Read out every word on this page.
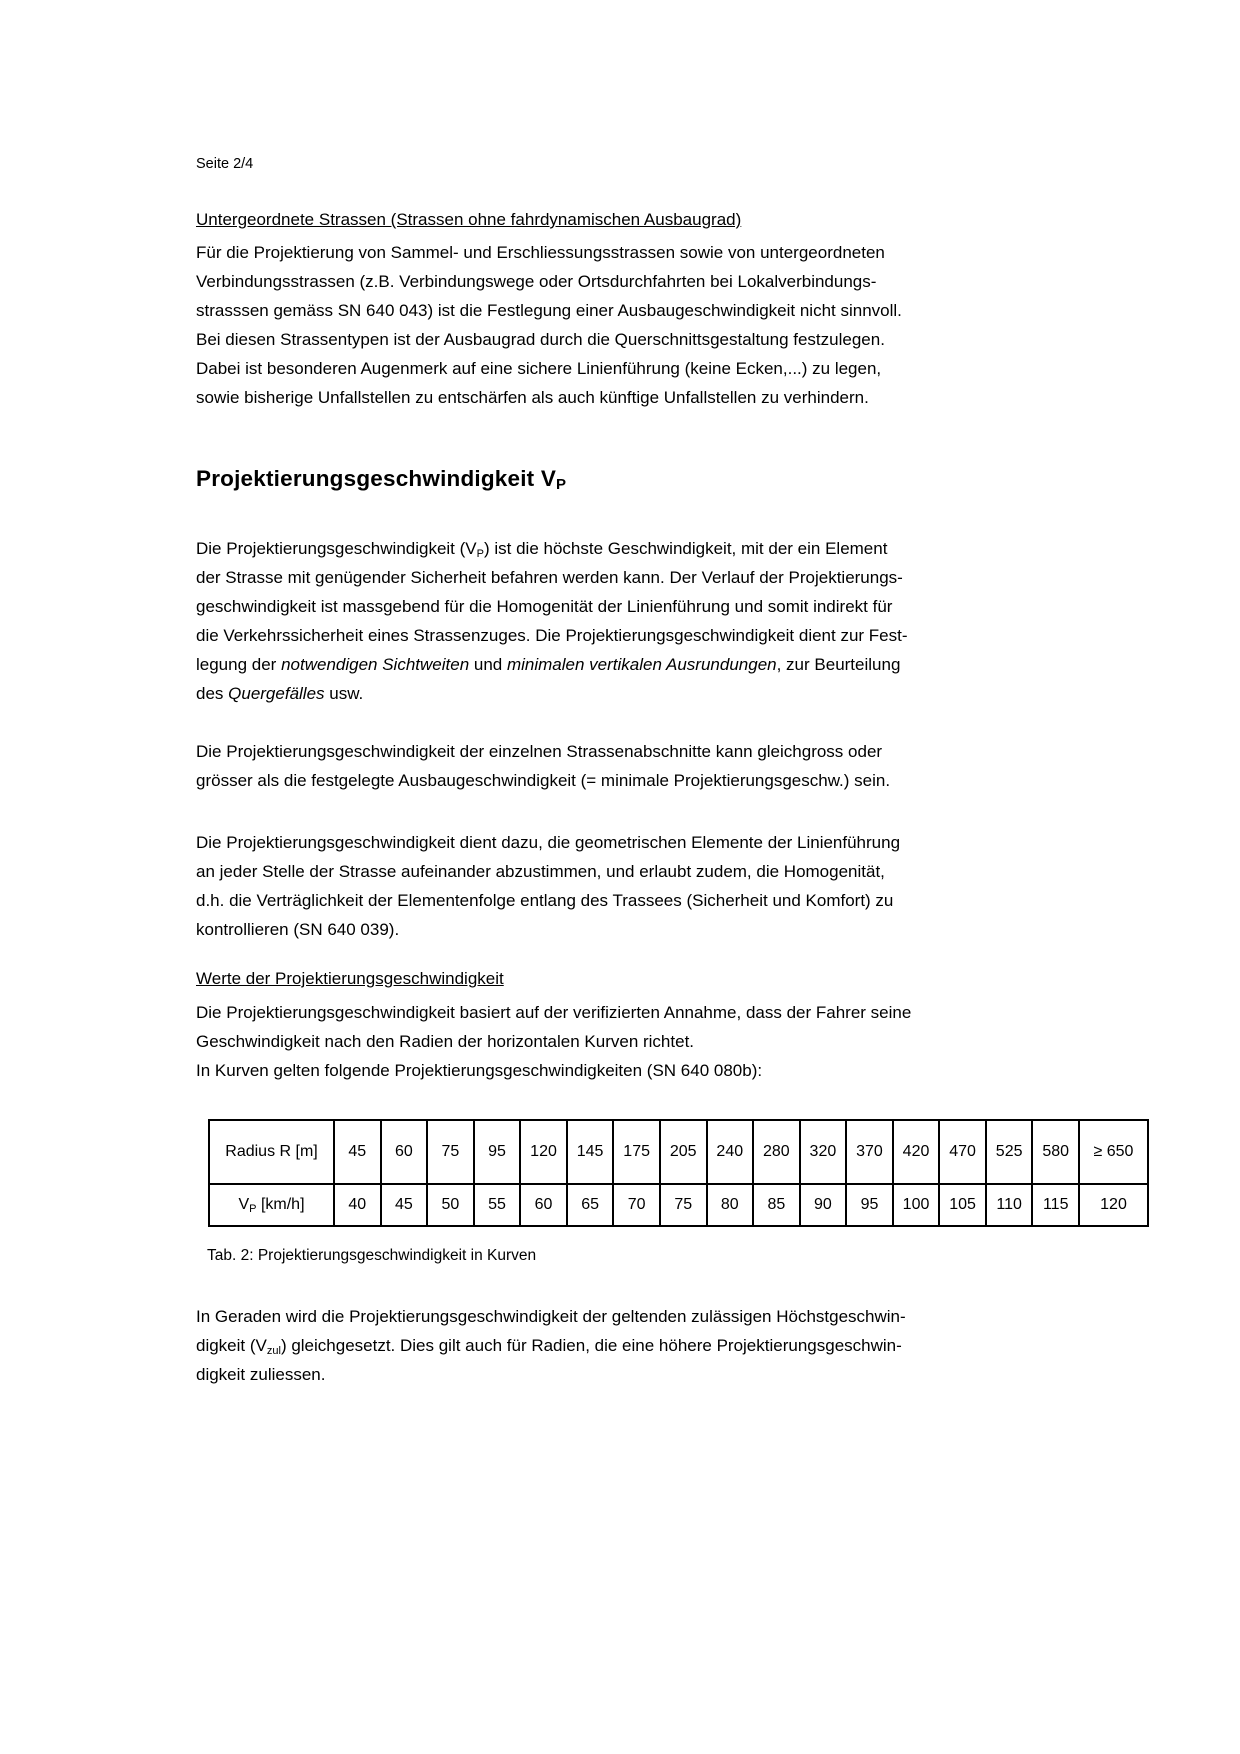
Seite 2/4
Untergeordnete Strassen (Strassen ohne fahrdynamischen Ausbaugrad)
Für die Projektierung von Sammel- und Erschliessungsstrassen sowie von untergeordneten
Verbindungsstrassen (z.B. Verbindungswege oder Ortsdurchfahrten bei Lokalverbindungs-
strasssen gemäss SN 640 043) ist die Festlegung einer Ausbaugeschwindigkeit nicht sinnvoll.
Bei diesen Strassentypen ist der Ausbaugrad durch die Querschnittsgestaltung festzulegen.
Dabei ist besonderen Augenmerk auf eine sichere Linienführung (keine Ecken,...) zu legen,
sowie bisherige Unfallstellen zu entschärfen als auch künftige Unfallstellen zu verhindern.
Projektierungsgeschwindigkeit $V_P$
Die Projektierungsgeschwindigkeit $(V_P)$ ist die höchste Geschwindigkeit, mit der ein Element
der Strasse mit genügender Sicherheit befahren werden kann. Der Verlauf der Projektierungs-
geschwindigkeit ist massgebend für die Homogenität der Linienführung und somit indirekt für
die Verkehrssicherheit eines Strassenzuges. Die Projektierungsgeschwindigkeit dient zur Fest-
legung der notwendigen Sichtweiten und minimalen vertikalen Ausrundungen, zur Beurteilung
des Quergefälles usw.
Die Projektierungsgeschwindigkeit der einzelnen Strassenabschnitte kann gleichgross oder
grösser als die festgelegte Ausbaugeschwindigkeit (= minimale Projektierungsgeschw.) sein.
Die Projektierungsgeschwindigkeit dient dazu, die geometrischen Elemente der Linienführung
an jeder Stelle der Strasse aufeinander abzustimmen, und erlaubt zudem, die Homogenität,
d.h. die Verträglichkeit der Elementenfolge entlang des Trassees (Sicherheit und Komfort) zu
kontrollieren (SN 640 039).
Werte der Projektierungsgeschwindigkeit
Die Projektierungsgeschwindigkeit basiert auf der verifizierten Annahme, dass der Fahrer seine
Geschwindigkeit nach den Radien der horizontalen Kurven richtet.
In Kurven gelten folgende Projektierungsgeschwindigkeiten (SN 640 080b):
Radius R [m]	45	60	75	95	120	145	175	205	240	280	320	370	420	470	525	580	≥ 650
$V_P$ [km/h]	40	45	50	55	60	65	70	75	80	85	90	95	100	105	110	115	120
Tab. 2: Projektierungsgeschwindigkeit in Kurven
In Geraden wird die Projektierungsgeschwindigkeit der geltenden zulässigen Höchstgeschwin-
digkeit $(V_{zul})$ gleichgesetzt. Dies gilt auch für Radien, die eine höhere Projektierungsgeschwin-
digkeit zuliessen.
